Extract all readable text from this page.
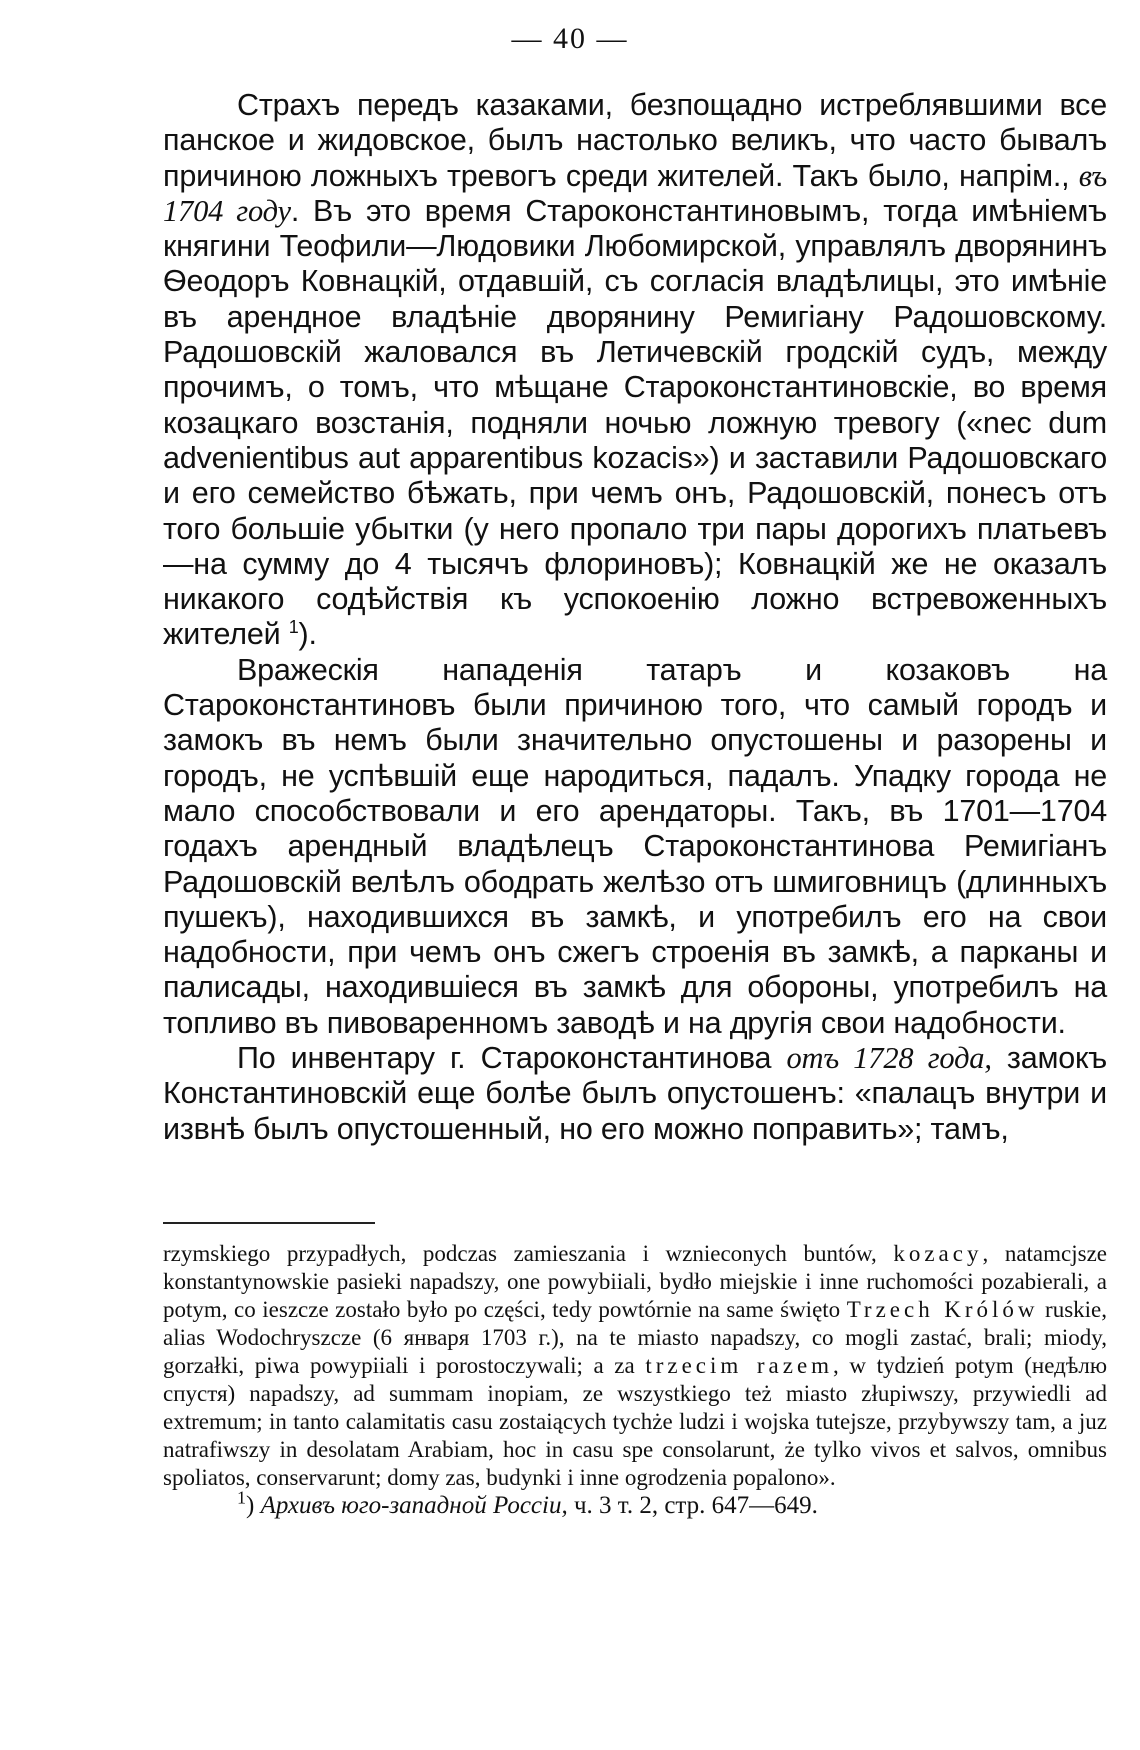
— 40 —

Страхъ передъ казаками, безпощадно истреблявшими все панское и жидовское, былъ настолько великъ, что часто бывалъ причиною ложныхъ тревогъ среди жителей. Такъ было, напрім., въ 1704 году. Въ это время Староконстантиновымъ, тогда имѣніемъ княгини Теофили—Людовики Любомирской, управлялъ дворянинъ Ѳеодоръ Ковнацкій, отдавшій, съ согласія владѣлицы, это имѣніе въ арендное владѣніе дворянину Ремигіану Радошовскому. Радошовскій жаловался въ Летичевскій гродскій судъ, между прочимъ, о томъ, что мѣщане Староконстантиновскіе, во время козацкаго возстанія, подняли ночью ложную тревогу («nec dum advenientibus aut apparentibus kozacis») и заставили Радошовскаго и его семейство бѣжать, при чемъ онъ, Радошовскій, понесъ отъ того большіе убытки (у него пропало три пары дорогихъ платьевъ—на сумму до 4 тысячъ флориновъ); Ковнацкій же не оказалъ никакого содѣйствія къ успокоенію ложно встревоженныхъ жителей $^1$).

Вражескія нападенія татаръ и козаковъ на Староконстантиновъ были причиною того, что самый городъ и замокъ въ немъ были значительно опустошены и разорены и городъ, не успѣвшій еще народиться, падалъ. Упадку города не мало способствовали и его арендаторы. Такъ, въ 1701—1704 годахъ арендный владѣлецъ Староконстантинова Ремигіанъ Радошовскій велѣлъ ободрать желѣзо отъ шмиговницъ (длинныхъ пушекъ), находившихся въ замкѣ, и употребилъ его на свои надобности, при чемъ онъ сжегъ строенія въ замкѣ, а парканы и палисады, находившіеся въ замкѣ для обороны, употребилъ на топливо въ пивоваренномъ заводѣ и на другія свои надобности.

По инвентару г. Староконстантинова отъ 1728 года, замокъ Константиновскій еще болѣе былъ опустошенъ: «палацъ внутри и извнѣ былъ опустошенный, но его можно поправить»; тамъ,

rzymskiego przypadłych, podczas zamieszania i wznieconych buntów, kozacy, natamcjsze konstantynowskie pasieki napadszy, one powybiiali, bydło miejskie i inne ruchomości pozabierali, a potym, co ieszcze zostało było po części, tedy powtórnie na same święto Trzech Królów ruskie, alias Wodochryszcze (6 января 1703 г.), na te miasto napadszy, co mogli zastać, brali; miody, gorzałki, piwa powypiiali i porostoczywali; a za trzecim razem, w tydzień potym (недѣлю спустя) napadszy, ad summam inopiam, ze wszystkiego też miasto złupiwszy, przywiedli ad extremum; in tanto calamitatis casu zostaiących tychże ludzi i wojska tutejsze, przybywszy tam, a juz natrafiwszy in desolatam Arabiam, hoc in casu spe consolarunt, że tylko vivos et salvos, omnibus spoliatos, conservarunt; domy zas, budynki i inne ogrodzenia popalono».

$^1$) Архивъ юго-западной Россіи, ч. 3 т. 2, стр. 647—649.
